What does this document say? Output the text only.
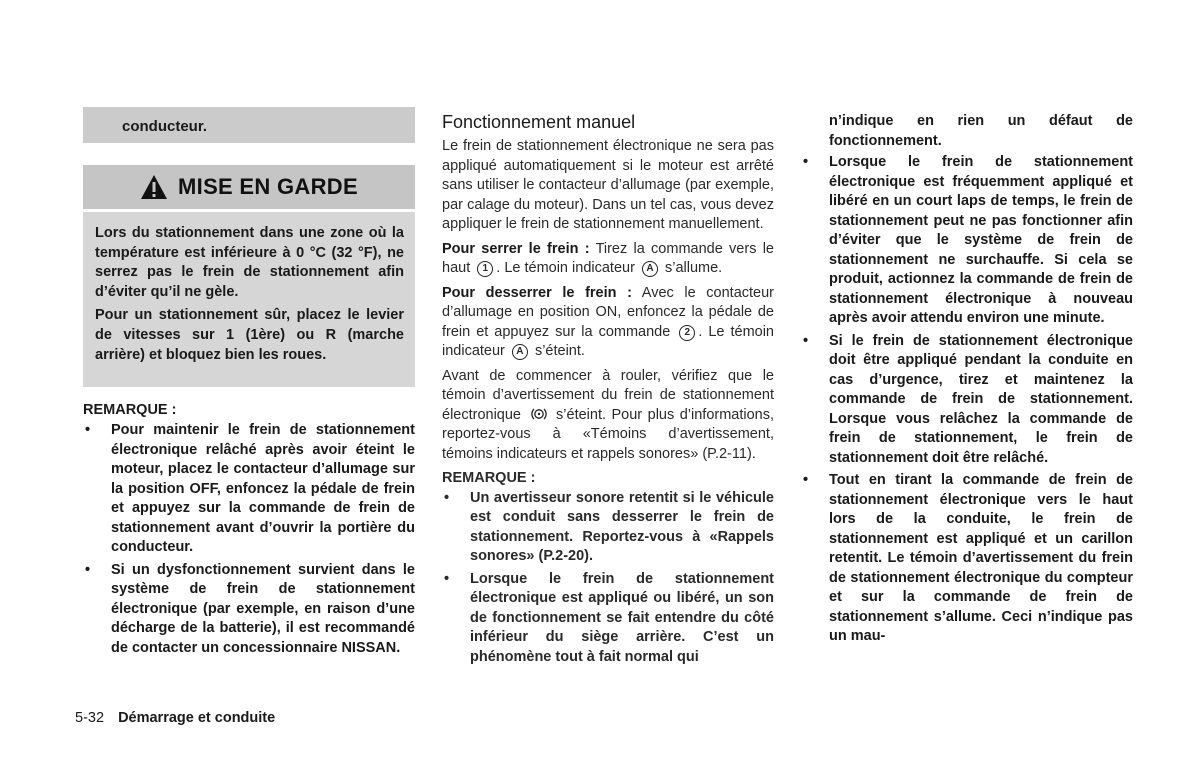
conducteur.
MISE EN GARDE

Lors du stationnement dans une zone où la température est inférieure à 0 °C (32 °F), ne serrez pas le frein de stationnement afin d’éviter qu’il ne gèle.

Pour un stationnement sûr, placez le levier de vitesses sur 1 (1ère) ou R (marche arrière) et bloquez bien les roues.

REMARQUE :
• Pour maintenir le frein de stationnement électronique relâché après avoir éteint le moteur, placez le contacteur d’allumage sur la position OFF, enfoncez la pédale de frein et appuyez sur la commande de frein de stationnement avant d’ouvrir la portière du conducteur.
• Si un dysfonctionnement survient dans le système de frein de stationnement électronique (par exemple, en raison d’une décharge de la batterie), il est recommandé de contacter un concessionnaire NISSAN.
Fonctionnement manuel

Le frein de stationnement électronique ne sera pas appliqué automatiquement si le moteur est arrêté sans utiliser le contacteur d’allumage (par exemple, par calage du moteur). Dans un tel cas, vous devez appliquer le frein de stationnement manuellement.

Pour serrer le frein : Tirez la commande vers le haut 1 . Le témoin indicateur A s’allume.

Pour desserrer le frein : Avec le contacteur d’allumage en position ON, enfoncez la pédale de frein et appuyez sur la commande 2 . Le témoin indicateur A s’éteint.

Avant de commencer à rouler, vérifiez que le témoin d’avertissement du frein de stationnement électronique s’éteint. Pour plus d’informations, reportez-vous à «Témoins d’avertissement, témoins indicateurs et rappels sonores» (P.2-11).

REMARQUE :
• Un avertisseur sonore retentit si le véhicule est conduit sans desserrer le frein de stationnement. Reportez-vous à «Rappels sonores» (P.2-20).
• Lorsque le frein de stationnement électronique est appliqué ou libéré, un son de fonctionnement se fait entendre du côté inférieur du siège arrière. C’est un phénomène tout à fait normal qui
n’indique en rien un défaut de fonctionnement.
• Lorsque le frein de stationnement électronique est fréquemment appliqué et libéré en un court laps de temps, le frein de stationnement peut ne pas fonctionner afin d’éviter que le système de frein de stationnement ne surchauffe. Si cela se produit, actionnez la commande de frein de stationnement électronique à nouveau après avoir attendu environ une minute.
• Si le frein de stationnement électronique doit être appliqué pendant la conduite en cas d’urgence, tirez et maintenez la commande de frein de stationnement. Lorsque vous relâchez la commande de frein de stationnement, le frein de stationnement doit être relâché.
• Tout en tirant la commande de frein de stationnement électronique vers le haut lors de la conduite, le frein de stationnement est appliqué et un carillon retentit. Le témoin d’avertissement du frein de stationnement électronique du compteur et sur la commande de frein de stationnement s’allume. Ceci n’indique pas un mau-
5-32 Démarrage et conduite
